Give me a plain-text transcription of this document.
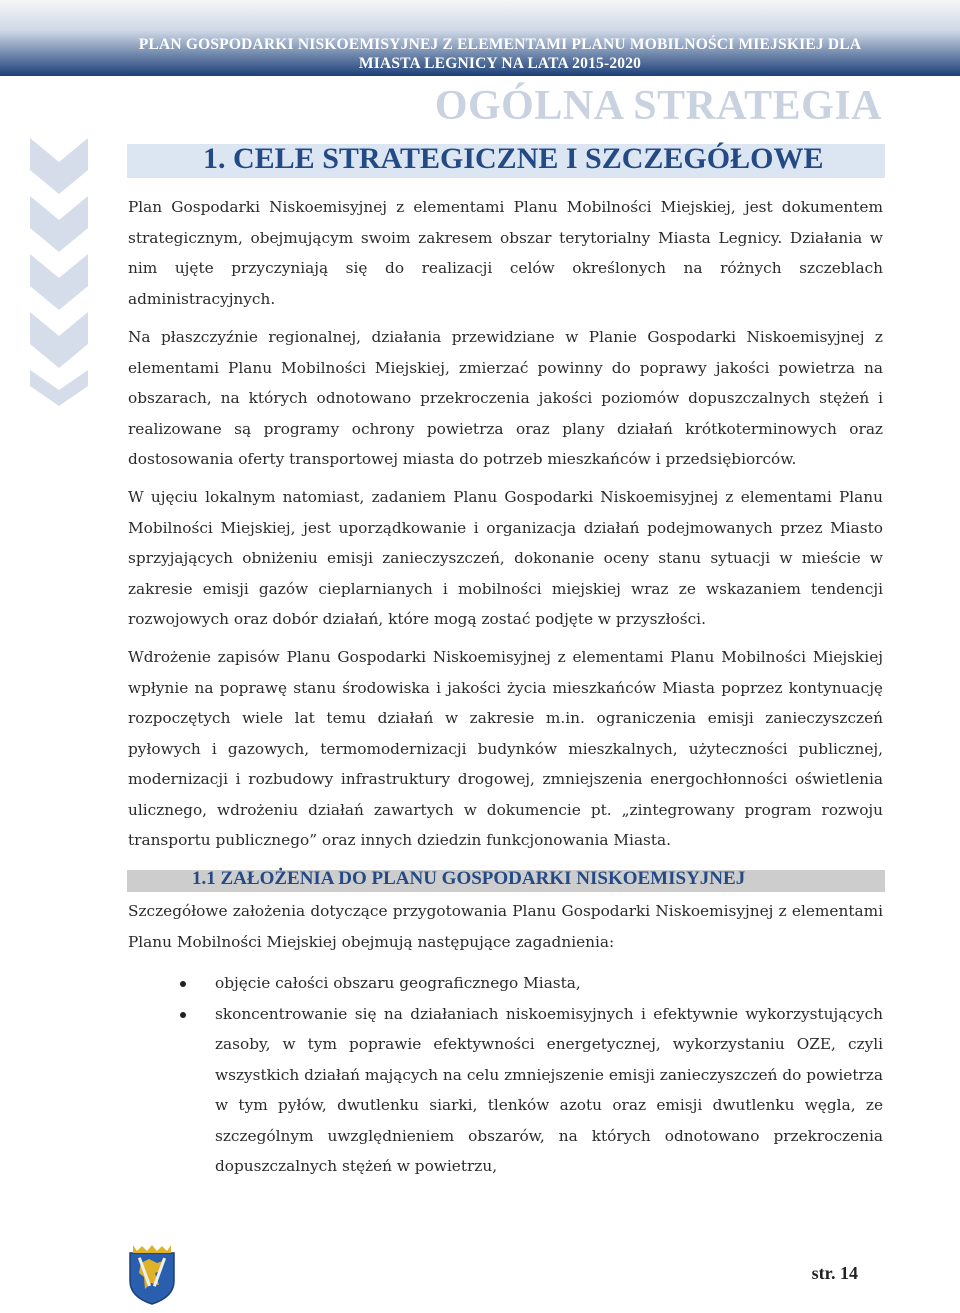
PLAN GOSPODARKI NISKOEMISYJNEJ Z ELEMENTAMI PLANU MOBILNOŚCI MIEJSKIEJ DLA
MIASTA LEGNICY NA LATA 2015-2020
OGÓLNA STRATEGIA
1. CELE STRATEGICZNE I SZCZEGÓŁOWE

Plan Gospodarki Niskoemisyjnej z elementami Planu Mobilności Miejskiej, jest dokumentem strategicznym, obejmującym swoim zakresem obszar terytorialny Miasta Legnicy. Działania w nim ujęte przyczyniają się do realizacji celów określonych na różnych szczeblach administracyjnych.

Na płaszczyźnie regionalnej, działania przewidziane w Planie Gospodarki Niskoemisyjnej z elementami Planu Mobilności Miejskiej, zmierzać powinny do poprawy jakości powietrza na obszarach, na których odnotowano przekroczenia jakości poziomów dopuszczalnych stężeń i realizowane są programy ochrony powietrza oraz plany działań krótkoterminowych oraz dostosowania oferty transportowej miasta do potrzeb mieszkańców i przedsiębiorców.

W ujęciu lokalnym natomiast, zadaniem Planu Gospodarki Niskoemisyjnej z elementami Planu Mobilności Miejskiej, jest uporządkowanie i organizacja działań podejmowanych przez Miasto sprzyjających obniżeniu emisji zanieczyszczeń, dokonanie oceny stanu sytuacji w mieście w zakresie emisji gazów cieplarnianych i mobilności miejskiej wraz ze wskazaniem tendencji rozwojowych oraz dobór działań, które mogą zostać podjęte w przyszłości.

Wdrożenie zapisów Planu Gospodarki Niskoemisyjnej z elementami Planu Mobilności Miejskiej wpłynie na poprawę stanu środowiska i jakości życia mieszkańców Miasta poprzez kontynuację rozpoczętych wiele lat temu działań w zakresie m.in. ograniczenia emisji zanieczyszczeń pyłowych i gazowych, termomodernizacji budynków mieszkalnych, użyteczności publicznej, modernizacji i rozbudowy infrastruktury drogowej, zmniejszenia energochłonności oświetlenia ulicznego, wdrożeniu działań zawartych w dokumencie pt. „zintegrowany program rozwoju transportu publicznego” oraz innych dziedzin funkcjonowania Miasta.

1.1 ZAŁOŻENIA DO PLANU GOSPODARKI NISKOEMISYJNEJ

Szczegółowe założenia dotyczące przygotowania Planu Gospodarki Niskoemisyjnej z elementami Planu Mobilności Miejskiej obejmują następujące zagadnienia:

objęcie całości obszaru geograficznego Miasta,
skoncentrowanie się na działaniach niskoemisyjnych i efektywnie wykorzystujących zasoby, w tym poprawie efektywności energetycznej, wykorzystaniu OZE, czyli wszystkich działań mających na celu zmniejszenie emisji zanieczyszczeń do powietrza w tym pyłów, dwutlenku siarki, tlenków azotu oraz emisji dwutlenku węgla, ze szczególnym uwzględnieniem obszarów, na których odnotowano przekroczenia dopuszczalnych stężeń w powietrzu,
str. 14
